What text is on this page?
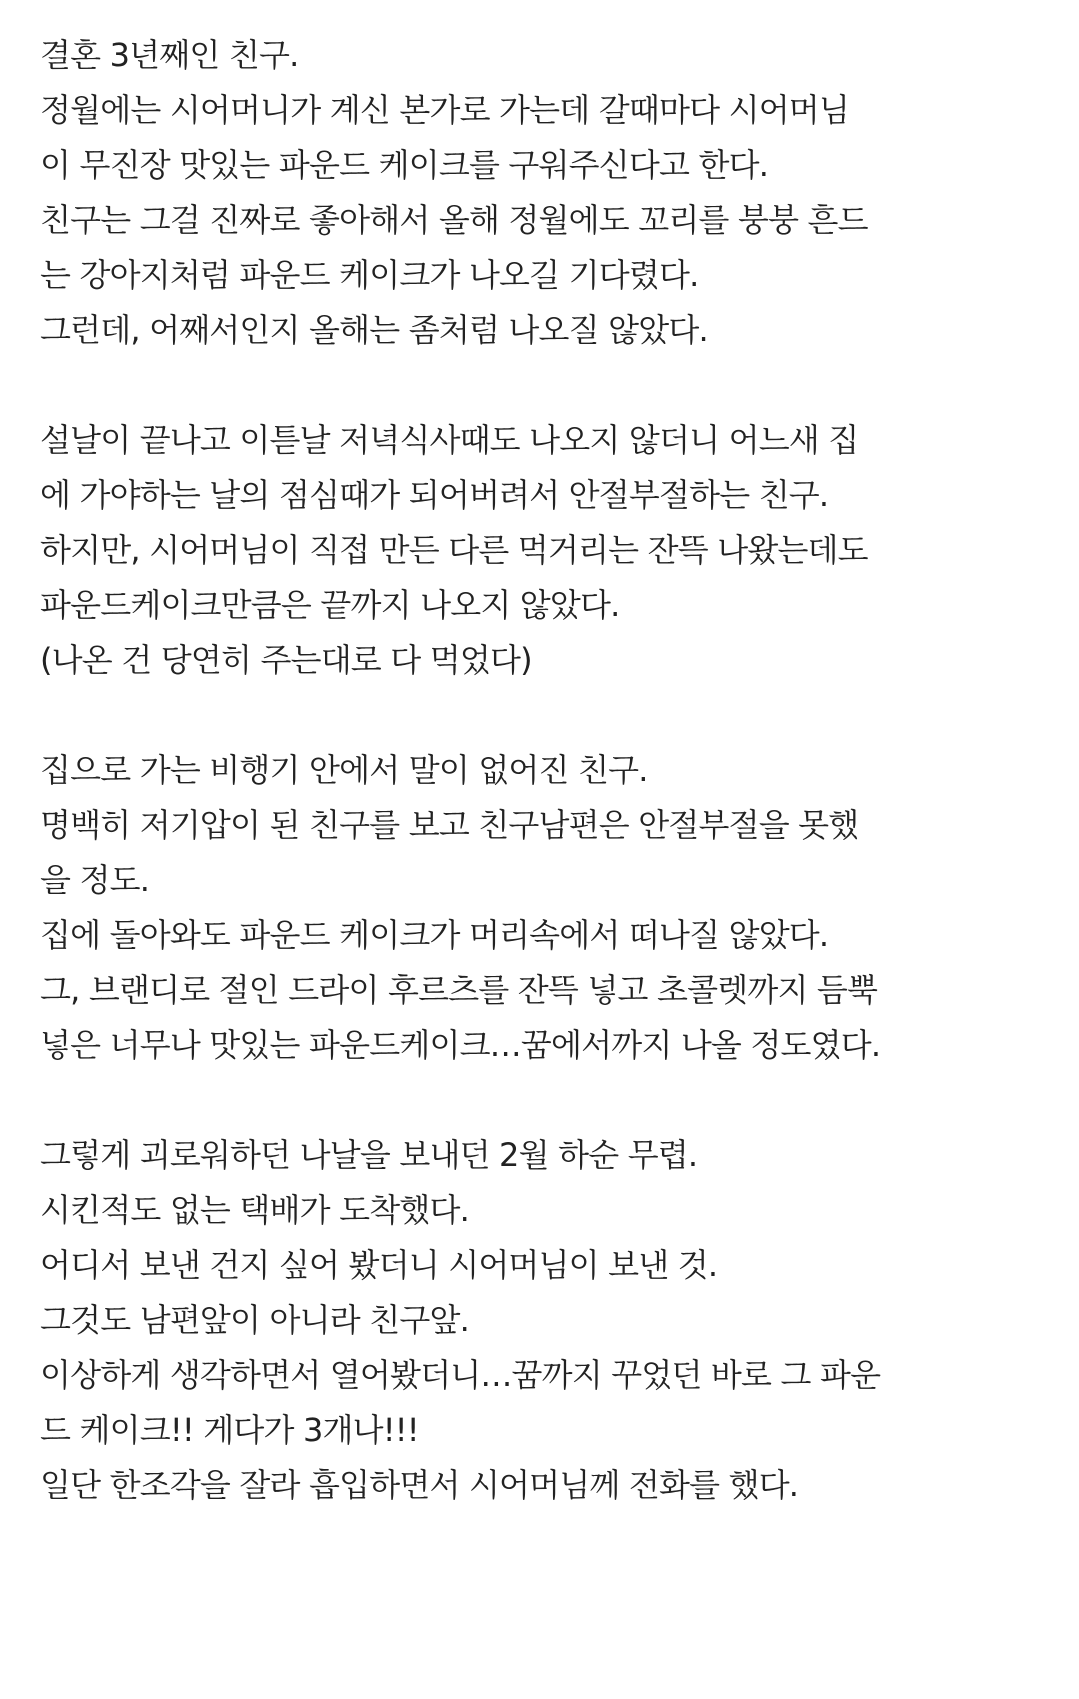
결혼 3년째인 친구.
정월에는 시어머니가 계신 본가로 가는데 갈때마다 시어머님
이 무진장 맛있는 파운드 케이크를 구워주신다고 한다.
친구는 그걸 진짜로 좋아해서 올해 정월에도 꼬리를 붕붕 흔드
는 강아지처럼 파운드 케이크가 나오길 기다렸다.
그런데, 어째서인지 올해는 좀처럼 나오질 않았다.
설날이 끝나고 이튿날 저녁식사때도 나오지 않더니 어느새 집
에 가야하는 날의 점심때가 되어버려서 안절부절하는 친구.
하지만, 시어머님이 직접 만든 다른 먹거리는 잔뜩 나왔는데도
파운드케이크만큼은 끝까지 나오지 않았다.
(나온 건 당연히 주는대로 다 먹었다)
집으로 가는 비행기 안에서 말이 없어진 친구.
명백히 저기압이 된 친구를 보고 친구남편은 안절부절을 못했
을 정도.
집에 돌아와도 파운드 케이크가 머리속에서 떠나질 않았다.
그, 브랜디로 절인 드라이 후르츠를 잔뜩 넣고 초콜렛까지 듬뿍
넣은 너무나 맛있는 파운드케이크…꿈에서까지 나올 정도였다.
그렇게 괴로워하던 나날을 보내던 2월 하순 무렵.
시킨적도 없는 택배가 도착했다.
어디서 보낸 건지 싶어 봤더니 시어머님이 보낸 것.
그것도 남편앞이 아니라 친구앞.
이상하게 생각하면서 열어봤더니…꿈까지 꾸었던 바로 그 파운
드 케이크!! 게다가 3개나!!!
일단 한조각을 잘라 흡입하면서 시어머님께 전화를 했다.
